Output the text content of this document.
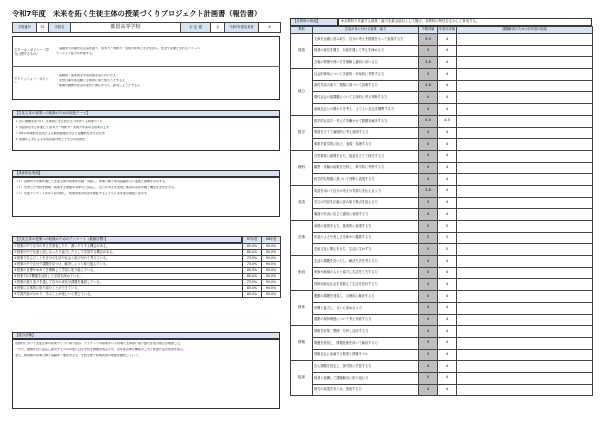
令和7年度　未来を拓く生徒主体の授業づくりプロジェクト計画書（報告書）
学校番号	32	学校名	都留高等学校	全･定･通	全	令和7年度応募者	6
スクール・ポリシー（学力に関するもの）
・基礎学力の確実な定着を図り、思考力・判断力・表現力を向上させながら、社会で必要とされるコミュニ
ケーション能力を育成する。
アドミッション・ポリシー
・基礎的・基本的な学習習慣を身に付けた人
・学校行事や部活動に主体的に取り組もうとする人
・地域の課題や社会の変化に関心をもち、探究しようとする人
【生徒主体の授業への転換のための取組テーマ】
１ 自ら課題を見つけ、主体的に学び続ける力を育てる授業づくり
２ 対話的な学びを通して思考力・判断力・表現力を高める授業の工夫
３ ICTの効果的な活用による個別最適な学びと協働的な学びの充実
４ 評価の工夫による学習意欲の向上と学びの自覚化
【具体的な取組】
（１）各教科で年間を通じて生徒主体の授業を計画・実践し、授業公開と研究協議を行い成果と課題を共有する。
（２）学習した内容を整理・説明する場面を各単元に設定し、自己の考えを表現し他者の意見を聞く機会を充実させる。
（３）生徒アンケートを年２回実施し、授業改善の状況を検証するとともに次年度の取組へ生かす。
【生徒主体の授業への転換のためのアンケート（数値目標）】
		R7年度	R8年度
①授業の中で自分の考えを発表したり、書いたりする機会がある。	85.0%	90.0%
②授業の中で友達と話し合ったり協力したりして学習する機会がある。	80.0%	90.0%
③授業で学んだことを自分の生活や社会と結び付けて考えている。	75.0%	90.0%
④授業の中で自分で課題を見つけ、解決しようと取り組んでいる。	70.0%	90.0%
⑤授業の目標やめあてを理解して学習に取り組んでいる。	85.0%	90.0%
⑥授業でICT機器を活用して学習を深めている。	80.0%	90.0%
⑦授業の振り返りを通して自分の成長や課題を確認している。	75.0%	90.0%
⑧授業に主体的に取り組むことができている。	80.0%	90.0%
⑨学習内容が分かり、学ぶことが楽しいと感じている。	80.0%	90.0%
【総合評価】
各教科において生徒主体の授業づくりに取り組み、アンケートの結果からも授業に主体的に取り組む生徒の割合が増加した。
一方で、課題を自ら設定し探究する力の育成には引き続き課題が残るため、次年度は単元構成の工夫と評価方法の改善を図る。
また、教員間の授業公開と協議を一層充実させ、学校全体で授業改善の取組を継続していく。
【各教科の取組】	※全教科で共通する資質・能力を重点項目として掲げ、各教科の特性を生かして育成する。
教科	生徒が身に付ける資質・能力	中間評価	年度末評価	課題解決のための次年度の取組
国語	文章を正確に読み取り、自分の考えを根拠をもって表現する力	3.9	4	
	他者の意見を聞き、対話を通して考えを深める力	4	4	
	言葉の特徴や使い方を理解し適切に用いる力	3.8	4	
地公	社会的事象について多面的・多角的に考察する力	4	4	
	資料を読み取り、根拠に基づいて説明する力	3.8	4	
	現代社会の諸課題について主体的に考え判断する力	4	4	
	地域社会との関わりを考え、よりよい社会を構想する力	4	4	
数学	数学的な見方・考え方を働かせて問題を解決する力	4.5	4.5	
	筋道を立てて論理的に考え説明する力	4	4	
	事象を数学的に捉え、表現・処理する力	4	4	
理科	自然事象に疑問をもち、仮説を立てて探究する力	4	4	
	観察・実験の結果を分析し、科学的に考察する力	4	4	
	科学的な根拠に基づいて判断し表現する力	4	4	
英語	英語を用いて自分の考えや気持ちを伝え合う力	3.8	4	
	英文の内容を正確に読み取り要点を捉える力	4	4	
	場面や状況に応じて適切に表現する力	4	4	
芸術	表現の意図をもち、創造的に表現する力	5	5	
	作品のよさや美しさを味わい鑑賞する力	5	5	
	芸術文化に関心をもち、生活に生かす力	5	5	
家庭	生活の課題を見いだし、解決方法を考える力	4	4	
	家族や地域の人々と協力し生活を工夫する力	4	4	
	持続可能な社会を見据えて生活を設計する力	4	4	
保体	運動の課題を発見し、合理的に解決する力	4	4	
	仲間と協力し、互いに高め合う力	4	4	
	健康の保持増進について考え実践する力	4	4	
情報	情報を収集・整理・分析し活用する力	4	4	
	問題を発見し、情報技術を用いて解決する力	4	4	
	情報社会に参画する態度と情報モラル	4	4	
総探	自ら課題を設定し、探究的に学習する力	4	4	
	他者と協働して課題解決に取り組む力	4	4	
	探究の成果をまとめ、発表する力	4	4	
